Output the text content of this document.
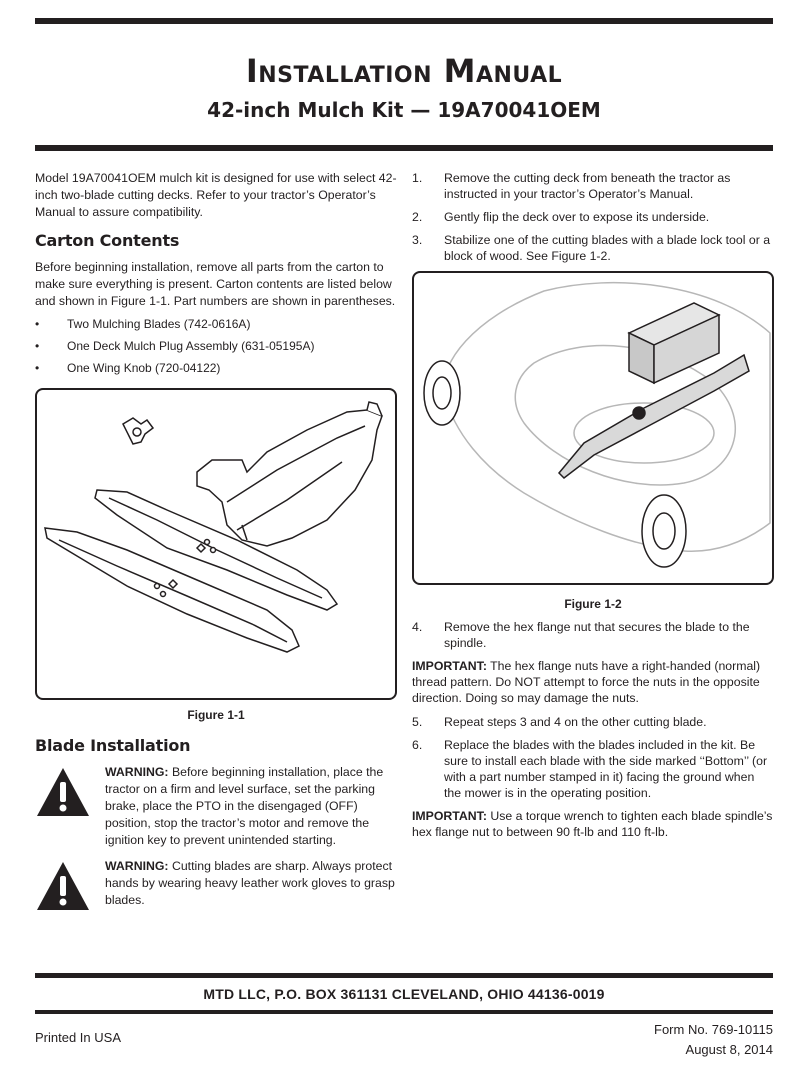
Installation Manual
42-inch Mulch Kit — 19A70041OEM

Model 19A70041OEM mulch kit is designed for use with select 42-inch two-blade cutting decks. Refer to your tractor’s Operator’s Manual to assure compatibility.

Carton Contents

Before beginning installation, remove all parts from the carton to make sure everything is present. Carton contents are listed below and shown in Figure 1-1. Part numbers are shown in parentheses.

• Two Mulching Blades (742-0616A)
• One Deck Mulch Plug Assembly (631-05195A)
• One Wing Knob (720-04122)
Figure 1-1
Blade Installation
WARNING: Before beginning installation, place the tractor on a firm and level surface, set the parking brake, place the PTO in the disengaged (OFF) position, stop the tractor’s motor and remove the ignition key to prevent unintended starting.
WARNING: Cutting blades are sharp. Always protect hands by wearing heavy leather work gloves to grasp blades.
1. Remove the cutting deck from beneath the tractor as instructed in your tractor’s Operator’s Manual.
2. Gently flip the deck over to expose its underside.
3. Stabilize one of the cutting blades with a blade lock tool or a block of wood. See Figure 1-2.
Figure 1-2
4. Remove the hex flange nut that secures the blade to the spindle.

IMPORTANT: The hex flange nuts have a right-handed (normal) thread pattern. Do NOT attempt to force the nuts in the opposite direction. Doing so may damage the nuts.

5. Repeat steps 3 and 4 on the other cutting blade.
6. Replace the blades with the blades included in the kit. Be sure to install each blade with the side marked ‘‘Bottom’’ (or with a part number stamped in it) facing the ground when the mower is in the operating position.

IMPORTANT: Use a torque wrench to tighten each blade spindle’s hex flange nut to between 90 ft-lb and 110 ft-lb.

MTD LLC, P.O. BOX 361131 CLEVELAND, OHIO 44136-0019
Printed In USA
Form No. 769-10115
August 8, 2014
